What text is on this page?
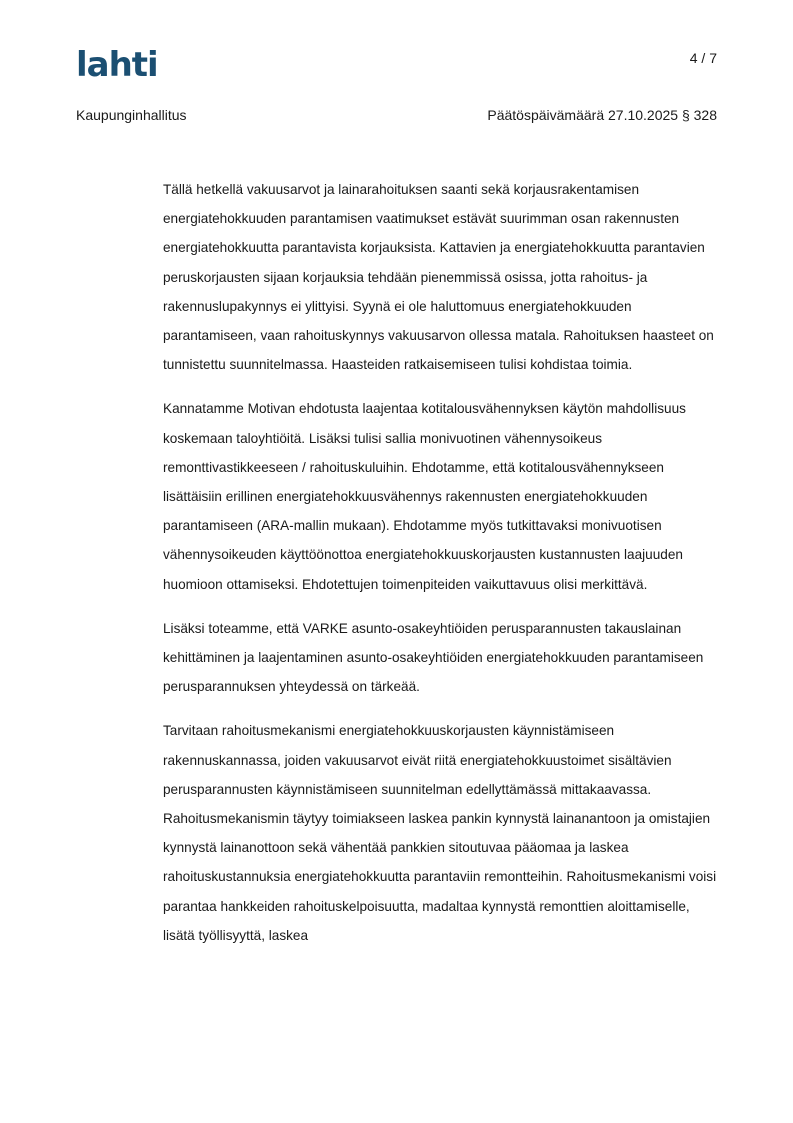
lahti	4 / 7
Kaupunginhallitus	Päätöspäivämäärä 27.10.2025 § 328

Tällä hetkellä vakuusarvot ja lainarahoituksen saanti sekä korjausrakentamisen energiatehokkuuden parantamisen vaatimukset estävät suurimman osan rakennusten energiatehokkuutta parantavista korjauksista. Kattavien ja energiatehokkuutta parantavien peruskorjausten sijaan korjauksia tehdään pienemmissä osissa, jotta rahoitus- ja rakennuslupakynnys ei ylittyisi. Syynä ei ole haluttomuus energiatehokkuuden parantamiseen, vaan rahoituskynnys vakuusarvon ollessa matala. Rahoituksen haasteet on tunnistettu suunnitelmassa. Haasteiden ratkaisemiseen tulisi kohdistaa toimia.

Kannatamme Motivan ehdotusta laajentaa kotitalousvähennyksen käytön mahdollisuus koskemaan taloyhtiöitä. Lisäksi tulisi sallia monivuotinen vähennysoikeus remonttivastikkeeseen / rahoituskuluihin. Ehdotamme, että kotitalousvähennykseen lisättäisiin erillinen energiatehokkuusvähennys rakennusten energiatehokkuuden parantamiseen (ARA-mallin mukaan). Ehdotamme myös tutkittavaksi monivuotisen vähennysoikeuden käyttöönottoa energiatehokkuuskorjausten kustannusten laajuuden huomioon ottamiseksi. Ehdotettujen toimenpiteiden vaikuttavuus olisi merkittävä.

Lisäksi toteamme, että VARKE asunto-osakeyhtiöiden perusparannusten takauslainan kehittäminen ja laajentaminen asunto-osakeyhtiöiden energiatehokkuuden parantamiseen perusparannuksen yhteydessä on tärkeää.

Tarvitaan rahoitusmekanismi energiatehokkuuskorjausten käynnistämiseen rakennuskannassa, joiden vakuusarvot eivät riitä energiatehokkuustoimet sisältävien perusparannusten käynnistämiseen suunnitelman edellyttämässä mittakaavassa. Rahoitusmekanismin täytyy toimiakseen laskea pankin kynnystä lainanantoon ja omistajien kynnystä lainanottoon sekä vähentää pankkien sitoutuvaa pääomaa ja laskea rahoituskustannuksia energiatehokkuutta parantaviin remontteihin. Rahoitusmekanismi voisi parantaa hankkeiden rahoituskelpoisuutta, madaltaa kynnystä remonttien aloittamiselle, lisätä työllisyyttä, laskea
